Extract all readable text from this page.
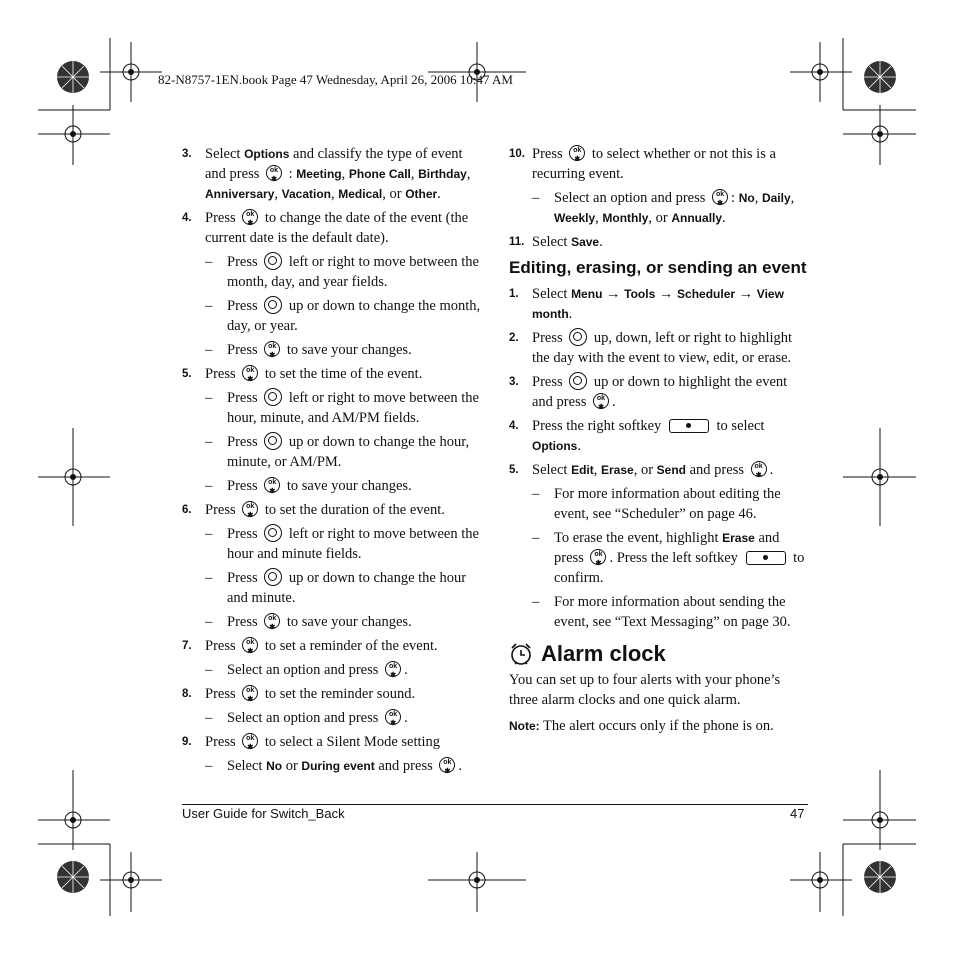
82-N8757-1EN.book Page 47 Wednesday, April 26, 2006 10:47 AM
3. Select Options and classify the type of event and press ok
✱ : Meeting, Phone Call, Birthday, Anniversary, Vacation, Medical, or Other.
4. Press ok
✱ to change the date of the event (the current date is the default date).
– Press  left or right to move between the month, day, and year fields.
– Press  up or down to change the month, day, or year.
– Press ok
✱ to save your changes.
5. Press ok
✱ to set the time of the event.
– Press  left or right to move between the hour, minute, and AM/PM fields.
– Press  up or down to change the hour, minute, or AM/PM.
– Press ok
✱ to save your changes.
6. Press ok
✱ to set the duration of the event.
– Press  left or right to move between the hour and minute fields.
– Press  up or down to change the hour and minute.
– Press ok
✱ to save your changes.
7. Press ok
✱ to set a reminder of the event.
– Select an option and press ok
✱ .
8. Press ok
✱ to set the reminder sound.
– Select an option and press ok
✱ .
9. Press ok
✱ to select a Silent Mode setting
– Select No or During event and press ok
✱ .
10. Press ok
✱ to select whether or not this is a recurring event.
– Select an option and press ok
✱ : No, Daily, Weekly, Monthly, or Annually.
11. Select Save.
Editing, erasing, or sending an event
1. Select Menu → Tools → Scheduler → View month.
2. Press  up, down, left or right to highlight the day with the event to view, edit, or erase.
3. Press  up or down to highlight the event and press ok
✱ .
4. Press the right softkey	to select Options.
5. Select Edit, Erase, or Send and press ok
✱ .
– For more information about editing the event, see “Scheduler” on page 46.
– To erase the event, highlight Erase and press ok
✱ . Press the left softkey	to confirm.
– For more information about sending the event, see “Text Messaging” on page 30.
Alarm clock
You can set up to four alerts with your phone’s three alarm clocks and one quick alarm.
Note: The alert occurs only if the phone is on.
User Guide for Switch_Back	47
